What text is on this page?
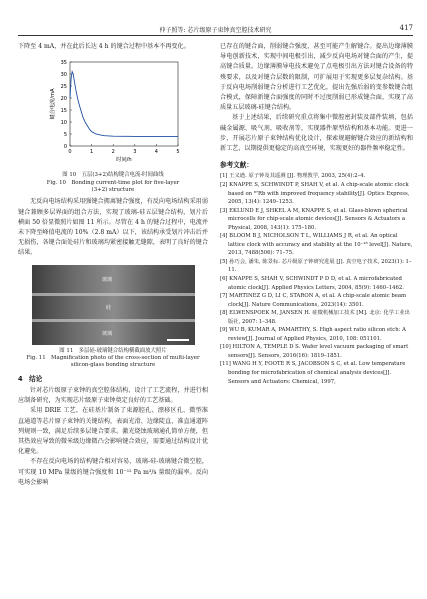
仲子照等: 芯片级原子束钟真空腔技术研究	417
下降至 4 mA，并在此后长达 4 h 的键合过程中基本不再变化。
0
5
10
15
20
25
30
35
0	1	2	3	4	5
时间/h
键合电流/mA
图 10　五层(3+2)结构键合电流-时间曲线
Fig. 10　Bonding current-time plot for five-layer
(3+2) structure
无反向电场结构采用强键合拥离键合强度，有反向电场结构采用弱键合兼顾多层界面的组合方法，实现了玻璃-硅五层键合结构，划片后横面 50 倍显微照片如图 11 所示。尽管在 4 h 的键合过程中，电流并未下降至峰值电流的 10%（2.8 mA）以下，该结构承受划片冲击后并无损伤，各键合面处硅片和玻璃均紧密接触无缝隙，表明了良好的键合结果。
玻璃
硅
玻璃
图 11　多层硅-玻璃键合结构横截面放大照片
Fig. 11　Magnification photo of the cross-section of multi-layer
silicon-glass bonding structure
4　结论
针对芯片级原子束钟的真空腔体结构，设计了工艺流程，并进行相应制备研究，为实现芯片级原子束钟奠定良好的工艺基础。
采用 DRIE 工艺，在硅基片制备了束源腔孔、漂移区孔、微型准直通道等芯片原子束钟的关键结构，表面光滑、边缘陡直，准直通道阵列规则一致，满足后续多层键合要求。激光烧蚀玻璃通孔简单方便，但其热效应导致的微米级边缘微凸会影响键合效应，需要通过结构设计优化避免。
不存在反向电场的结构键合相对容易，玻璃-硅-玻璃键合微空腔，可实现 10 MPa 量级的键合强度和 10⁻¹² Pa m³/s 量级的漏率。反向电场会影响
已存在的键合面，削弱键合强度，甚至可能产生解键合。提出边缘薄膜导电创新技术，实现中间电极引出，减少反向电场对键合面的产生，提高键合质量。边缘薄膜导电技术避免了点电极引出方法对键合设备的特殊要求，以及对键合层数的限制，可扩展用于实现更多层复杂结构。基于反向电场削弱键合分析进行工艺优化，提出先强后弱的变参数键合组合模式，保障新键合面强度的同时不过度削弱已形成键合面，实现了高质量五层玻璃-硅键合结构。
基于上述结果，后续研究重点将集中微腔密封装及部件装填，包括碱金属源、吸气剂、吸收剂等，实现器件原型结构和基本功能。更进一步，开展芯片原子束钟结构优化设计，探索规避解键合效应的新结构和新工艺，以期提供更稳定的高真空环境，实现更好的器件频率稳定性。
参考文献：
[1] 王义遒. 原子钟及其遥测 [J]. 物理教学, 2003, 25(4):2–4.
[2] KNAPPE S, SCHWINDT P, SHAH V, et al. A chip-scale atomic clock based on ⁸⁷Rb with improved frequency stability[J]. Optics Express, 2005, 13(4): 1249–1253.
[3] EKLUND E J, SHKEL A M, KNAPPE S, et al. Glass-blown spherical microcells for chip-scale atomic devices[J]. Sensors & Actuators a Physical, 2008, 143(1): 175–180.
[4] BLOOM B J, NICHOLSON T L, WILLIAMS J R, et al. An optical lattice clock with accuracy and stability at the 10⁻¹⁸ level[J]. Nature, 2013, 7488(506): 71–75.
[5] 孙巧会, 潘朱, 陈景标. 芯片级原子钟研究进展 [J]. 真空电子技术, 2023(1): 1–11.
[6] KNAPPE S, SHAH V, SCHWINDT P D D, et al. A microfabricated atomic clock[J]. Applied Physics Letters, 2004, 85(9): 1460–1462.
[7] MARTINEZ G D, LI C, STARON A, et al. A chip-scale atomic beam clock[J]. Nature Communications, 2023(14): 3501.
[8] ELWENSPOEK M, JANSEN H. 硅微机械加工技术 [M]. 北京: 化学工业出版社, 2007: 1–348.
[9] WU B, KUMAR A, PAMARTHY, S. High aspect ratio silicon etch: A review[J]. Journal of Applied Physics, 2010, 108: 051101.
[10] HILTON A, TEMPLE D S. Wafer level vacuum packaging of smart sensors[J]. Sensors, 2016(16): 1819–1851.
[11] WANG H Y, FOOTE R S, JACOBSON S C, et al. Low temperature bonding for microfabrication of chemical analysis devices[J]. Sensors and Actuators: Chemical, 1997,
